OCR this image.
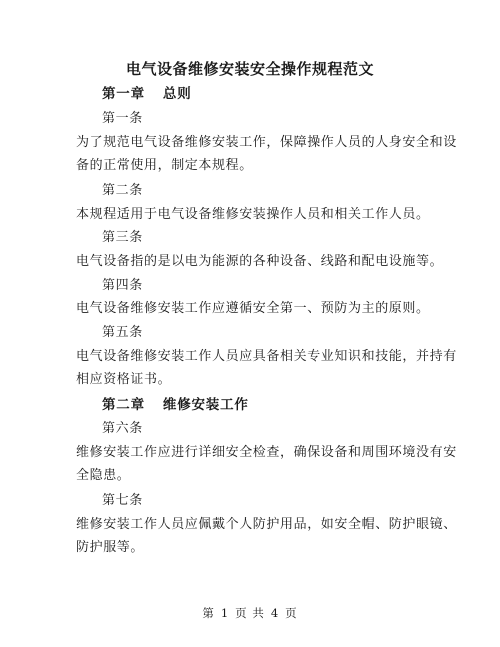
电气设备维修安装安全操作规程范文
第一章 总则
第一条
为了规范电气设备维修安装工作，保障操作人员的人身安全和设
备的正常使用，制定本规程。
第二条
本规程适用于电气设备维修安装操作人员和相关工作人员。
第三条
电气设备指的是以电为能源的各种设备、线路和配电设施等。
第四条
电气设备维修安装工作应遵循安全第一、预防为主的原则。
第五条
电气设备维修安装工作人员应具备相关专业知识和技能，并持有
相应资格证书。
第二章 维修安装工作
第六条
维修安装工作应进行详细安全检查，确保设备和周围环境没有安
全隐患。
第七条
维修安装工作人员应佩戴个人防护用品，如安全帽、防护眼镜、
防护服等。
第 1 页 共 4 页
